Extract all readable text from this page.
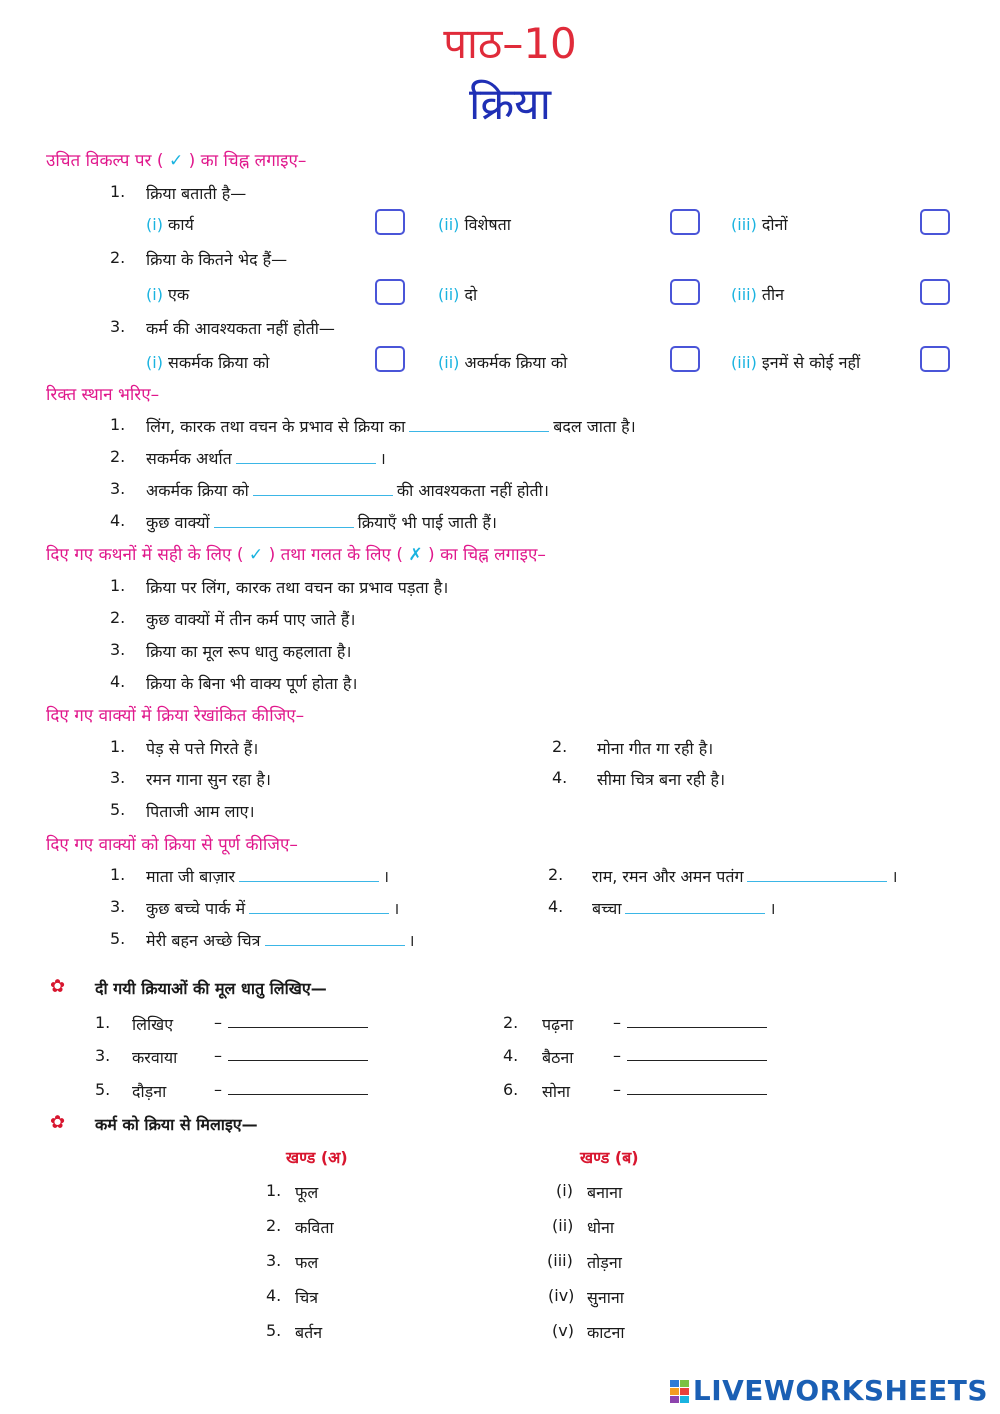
पाठ–10
क्रिया
उचित विकल्प पर ( ✓ ) का चिह्न लगाइए–
1. क्रिया बताती है—
(i) कार्य	(ii) विशेषता	(iii) दोनों
2. क्रिया के कितने भेद हैं—
(i) एक	(ii) दो	(iii) तीन
3. कर्म की आवश्यकता नहीं होती—
(i) सकर्मक क्रिया को	(ii) अकर्मक क्रिया को	(iii) इनमें से कोई नहीं
रिक्त स्थान भरिए–
1. लिंग, कारक तथा वचन के प्रभाव से क्रिया का	बदल जाता है।
2. सकर्मक अर्थात	।
3. अकर्मक क्रिया को	की आवश्यकता नहीं होती।
4. कुछ वाक्यों	क्रियाएँ भी पाई जाती हैं।
दिए गए कथनों में सही के लिए ( ✓ ) तथा गलत के लिए ( ✗ ) का चिह्न लगाइए–
1. क्रिया पर लिंग, कारक तथा वचन का प्रभाव पड़ता है।
2. कुछ वाक्यों में तीन कर्म पाए जाते हैं।
3. क्रिया का मूल रूप धातु कहलाता है।
4. क्रिया के बिना भी वाक्य पूर्ण होता है।
दिए गए वाक्यों में क्रिया रेखांकित कीजिए–
1. पेड़ से पत्ते गिरते हैं।	2. मोना गीत गा रही है।
3. रमन गाना सुन रहा है।	4. सीमा चित्र बना रही है।
5. पिताजी आम लाए।
दिए गए वाक्यों को क्रिया से पूर्ण कीजिए–
1. माता जी बाज़ार	।	2. राम, रमन और अमन पतंग	।
3. कुछ बच्चे पार्क में	।	4. बच्चा	।
5. मेरी बहन अच्छे चित्र	।
✿ दी गयी क्रियाओं की मूल धातु लिखिए—
1. लिखिए	–	2. पढ़ना –
3. करवाया –	4. बैठना –
5. दौड़ना	–	6. सोना	–
✿ कर्म को क्रिया से मिलाइए—
खण्ड (अ)	खण्ड (ब)
1. फूल	(i) बनाना
2. कविता	(ii) धोना
3. फल	(iii) तोड़ना
4. चित्र	(iv) सुनाना
5. बर्तन	(v) काटना
LIVEWORKSHEETS
